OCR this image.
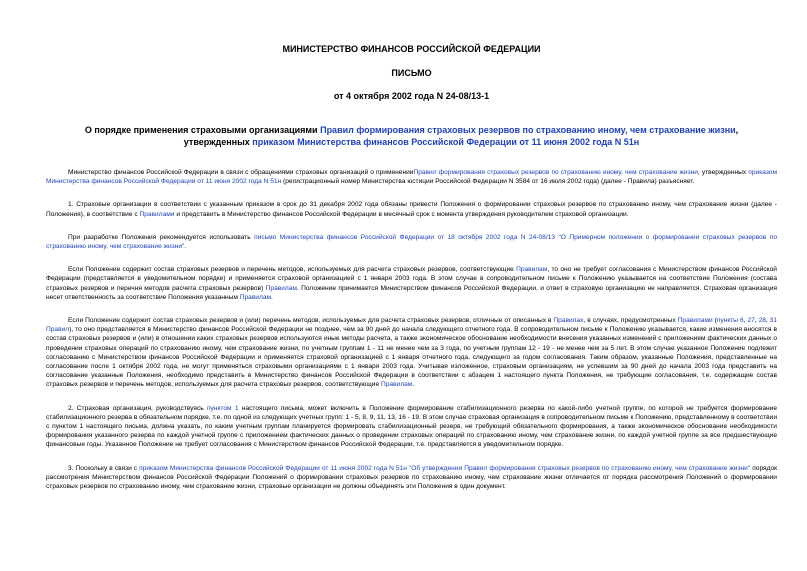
МИНИСТЕРСТВО ФИНАНСОВ РОССИЙСКОЙ ФЕДЕРАЦИИ

ПИСЬМО

от 4 октября 2002 года N 24-08/13-1

О порядке применения страховыми организациями Правил формирования страховых резервов по страхованию иному, чем страхование жизни, утвержденных приказом Министерства финансов Российской Федерации от 11 июня 2002 года N 51н

Министерство финансов Российской Федерации в связи с обращениями страховых организаций о примененииПравил формирования страховых резервов по страхованию иному, чем страхование жизни, утвержденных приказом Министерства финансов Российской Федерации от 11 июня 2002 года N 51н (регистрационный номер Министерства юстиции Российской Федерации N 3584 от 16 июля 2002 года) (далее - Правила) разъясняет.

1. Страховые организации в соответствии с указанным приказом в срок до 31 декабря 2002 года обязаны привести Положения о формировании страховых резервов по страхованию иному, чем страхование жизни (далее - Положения), в соответствие с Правилами и представить в Министерство финансов Российской Федерации в месячный срок с момента утверждения руководителем страховой организации.

При разработке Положения рекомендуется использовать письмо Министерства финансов Российской Федерации от 18 октября 2002 года N 24-08/13 "О Примерном положении о формировании страховых резервов по страхованию иному, чем страхование жизни".

Если Положение содержит состав страховых резервов и перечень методов, используемых для расчета страховых резервов, соответствующие Правилам, то оно не требует согласования с Министерством финансов Российской Федерации (представляется в уведомительном порядке) и применяется страховой организацией с 1 января 2003 года. В этом случае в сопроводительном письме к Положению указывается на соответствие Положения (состава страховых резервов и перечня методов расчета страховых резервов) Правилам. Положение принимается Министерством финансов Российской Федерации, и ответ в страховую организацию не направляется. Страховая организация несет ответственность за соответствие Положения указанным Правилам.

Если Положение содержит состав страховых резервов и (или) перечень методов, используемых для расчета страховых резервов, отличные от описанных в Правилах, в случаях, предусмотренных Правилами (пункты 6, 27, 28, 31 Правил), то оно представляется в Министерство финансов Российской Федерации не позднее, чем за 90 дней до начала следующего отчетного года. В сопроводительном письме к Положению указывается, какие изменения вносятся в состав страховых резервов и (или) в отношении каких страховых резервов используются иные методы расчета, а также экономическое обоснование необходимости внесения указанных изменений с приложением фактических данных о проведении страховых операций по страхованию иному, чем страхование жизни, по учетным группам 1 - 11 не менее чем за 3 года, по учетным группам 12 - 19 - не менее чем за 5 лет. В этом случае указанное Положение подлежит согласованию с Министерством финансов Российской Федерации и применяется страховой организацией с 1 января отчетного года, следующего за годом согласования. Таким образом, указанные Положения, представленные на согласование после 1 октября 2002 года, не могут применяться страховыми организациями с 1 января 2003 года. Учитывая изложенное, страховым организациям, не успевшим за 90 дней до начала 2003 года представить на согласование указанные Положения, необходимо представить в Министерство финансов Российской Федерации в соответствии с абзацем 1 настоящего пункта Положения, не требующие согласования, т.е. содержащие состав страховых резервов и перечень методов, используемых для расчета страховых резервов, соответствующие Правилам.

2. Страховая организация, руководствуясь пунктом 1 настоящего письма, может включить в Положение формирование стабилизационного резерва по какой-либо учетной группе, по которой не требуется формирование стабилизационного резерва в обязательном порядке, т.е. по одной из следующих учетных групп: 1 - 5, 8, 9, 11, 13, 16 - 19. В этом случае страховая организация в сопроводительном письме к Положению, представленному в соответствии с пунктом 1 настоящего письма, должна указать, по каким учетным группам планируется формировать стабилизационный резерв, не требующий обязательного формирования, а также экономическое обоснование необходимости формирования указанного резерва по каждой учетной группе с приложением фактических данных о проведении страховых операций по страхованию иному, чем страхование жизни, по каждой учетной группе за все предшествующие финансовые годы. Указанное Положение не требует согласования с Министерством финансов Российской Федерации, т.е. представляется в уведомительном порядке.

3. Поскольку в связи с приказом Министерства финансов Российской Федерации от 11 июня 2002 года N 51н "Об утверждении Правил формирования страховых резервов по страхованию иному, чем страхование жизни" порядок рассмотрения Министерством финансов Российской Федерации Положений о формировании страховых резервов по страхованию иному, чем страхование жизни отличается от порядка рассмотрения Положений о формировании страховых резервов по страхованию иному, чем страхование жизни, страховые организации не должны объединять эти Положения в один документ.
